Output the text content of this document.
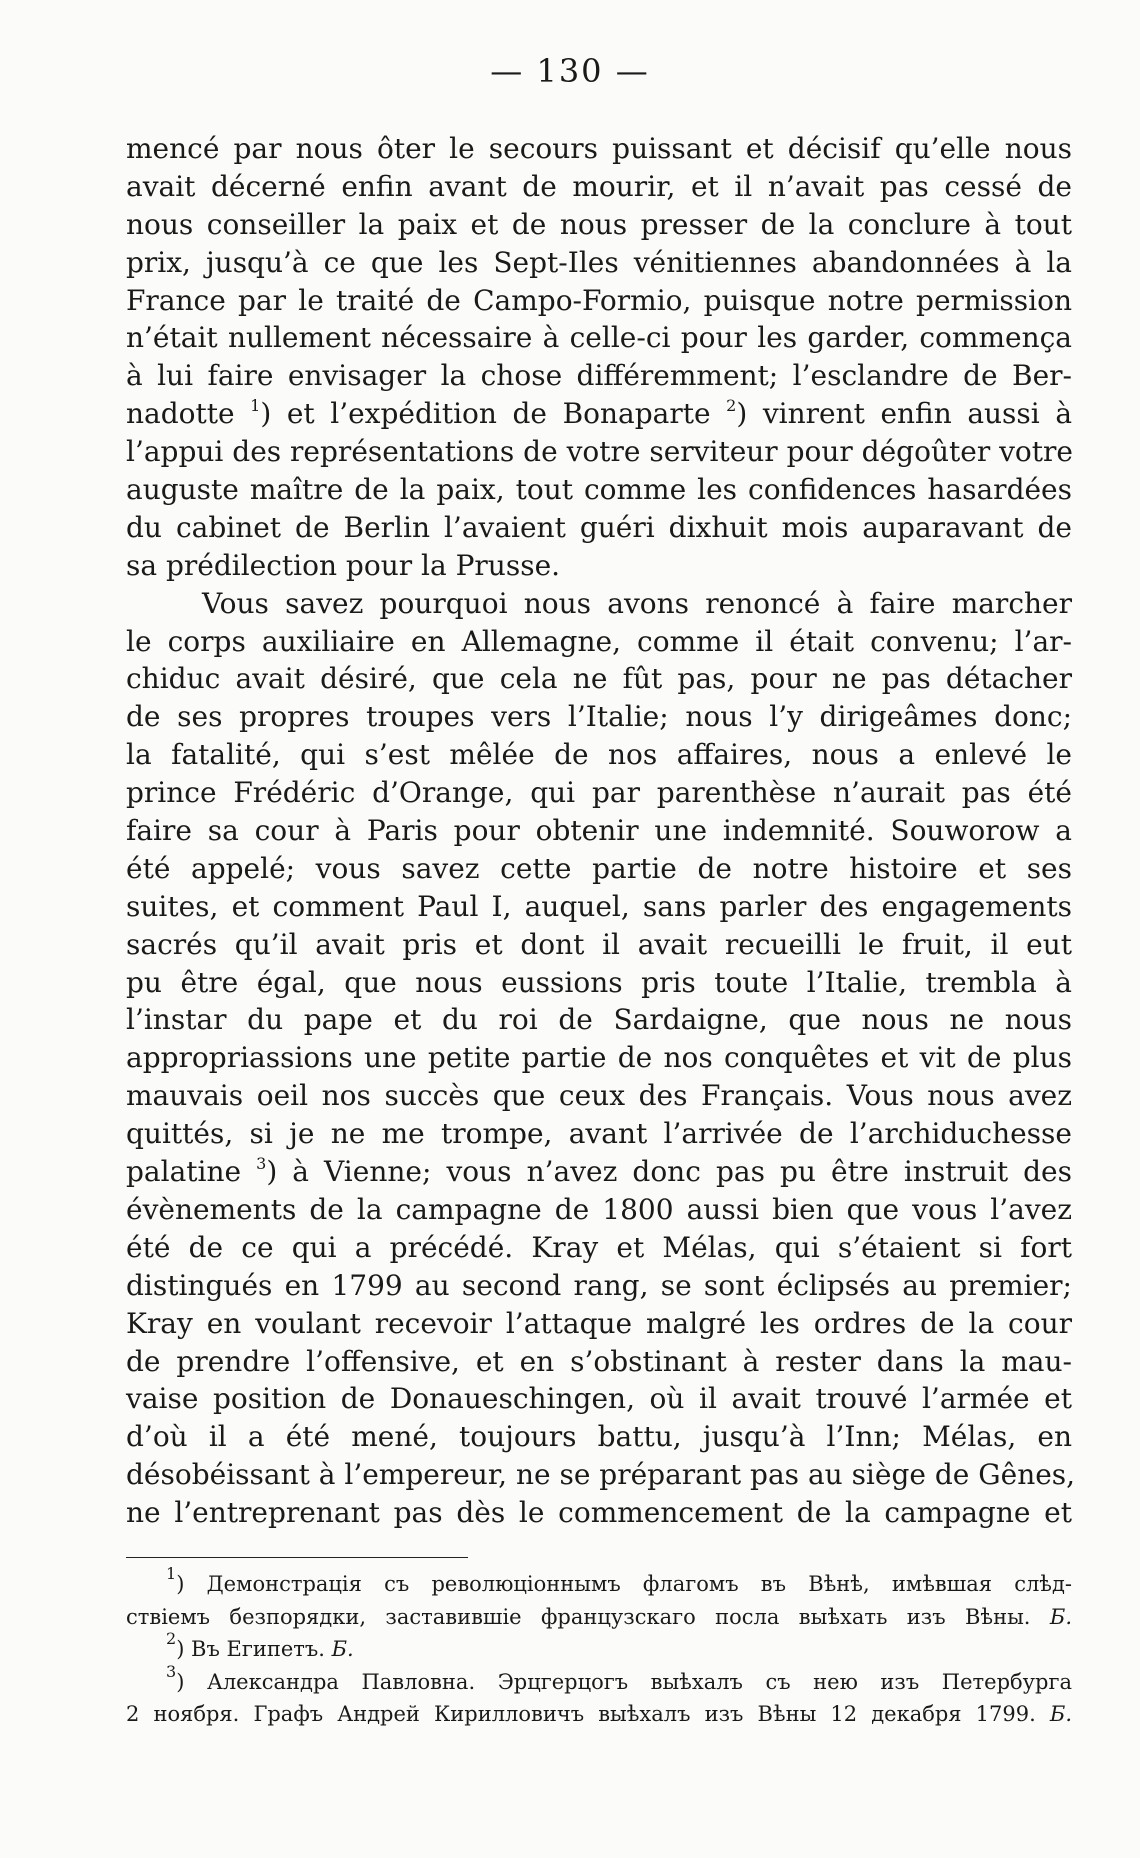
— 130 —
mencé par nous ôter le secours puissant et décisif qu’elle nous
avait décerné enfin avant de mourir, et il n’avait pas cessé de
nous conseiller la paix et de nous presser de la conclure à tout
prix, jusqu’à ce que les Sept-Iles vénitiennes abandonnées à la
France par le traité de Campo-Formio, puisque notre permission
n’était nullement nécessaire à celle-ci pour les garder, commença
à lui faire envisager la chose différemment; l’esclandre de Ber-
nadotte $^1$) et l’expédition de Bonaparte $^2$) vinrent enfin aussi à
l’appui des représentations de votre serviteur pour dégoûter votre
auguste maître de la paix, tout comme les confidences hasardées
du cabinet de Berlin l’avaient guéri dixhuit mois auparavant de
sa prédilection pour la Prusse.
Vous savez pourquoi nous avons renoncé à faire marcher
le corps auxiliaire en Allemagne, comme il était convenu; l’ar-
chiduc avait désiré, que cela ne fût pas, pour ne pas détacher
de ses propres troupes vers l’Italie; nous l’y dirigeâmes donc;
la fatalité, qui s’est mêlée de nos affaires, nous a enlevé le
prince Frédéric d’Orange, qui par parenthèse n’aurait pas été
faire sa cour à Paris pour obtenir une indemnité. Souworow a
été appelé; vous savez cette partie de notre histoire et ses
suites, et comment Paul I, auquel, sans parler des engagements
sacrés qu’il avait pris et dont il avait recueilli le fruit, il eut
pu être égal, que nous eussions pris toute l’Italie, trembla à
l’instar du pape et du roi de Sardaigne, que nous ne nous
appropriassions une petite partie de nos conquêtes et vit de plus
mauvais oeil nos succès que ceux des Français. Vous nous avez
quittés, si je ne me trompe, avant l’arrivée de l’archiduchesse
palatine $^3$) à Vienne; vous n’avez donc pas pu être instruit des
évènements de la campagne de 1800 aussi bien que vous l’avez
été de ce qui a précédé. Kray et Mélas, qui s’étaient si fort
distingués en 1799 au second rang, se sont éclipsés au premier;
Kray en voulant recevoir l’attaque malgré les ordres de la cour
de prendre l’offensive, et en s’obstinant à rester dans la mau-
vaise position de Donaueschingen, où il avait trouvé l’armée et
d’où il a été mené, toujours battu, jusqu’à l’Inn; Mélas, en
désobéissant à l’empereur, ne se préparant pas au siège de Gênes,
ne l’entreprenant pas dès le commencement de la campagne et
$^1$) Демонстрація съ революціоннымъ флагомъ въ Вѣнѣ, имѣвшая слѣд-
ствіемъ безпорядки, заставившіе французскаго посла выѣхать изъ Вѣны. Б.
$^2$) Въ Египетъ. Б.
$^3$) Александра Павловна. Эрцгерцогъ выѣхалъ съ нею изъ Петербурга
2 ноября. Графъ Андрей Кирилловичъ выѣхалъ изъ Вѣны 12 декабря 1799. Б.
